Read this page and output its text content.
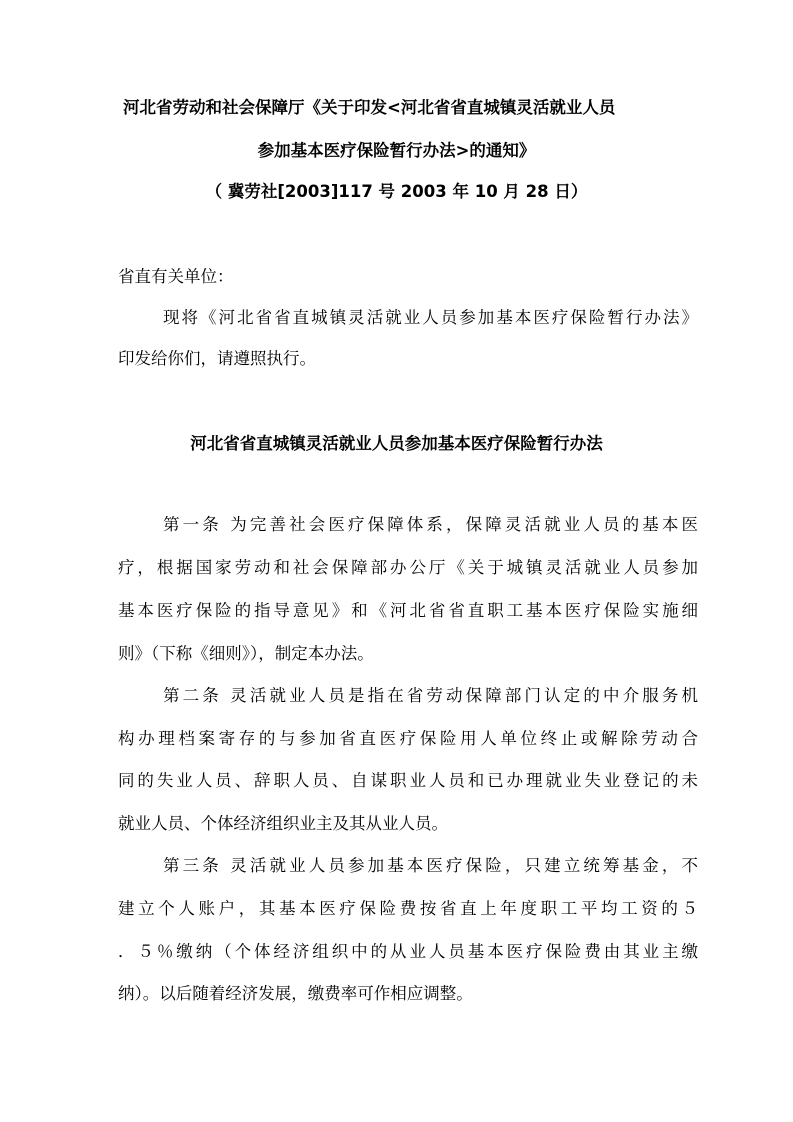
河北省劳动和社会保障厅《关于印发<河北省省直城镇灵活就业人员
参加基本医疗保险暂行办法>的通知》
（ 冀劳社[2003]117 号 2003 年 10 月 28 日）
省直有关单位：
现将《河北省省直城镇灵活就业人员参加基本医疗保险暂行办法》
印发给你们，请遵照执行。
河北省省直城镇灵活就业人员参加基本医疗保险暂行办法
第一条 为完善社会医疗保障体系，保障灵活就业人员的基本医
疗，根据国家劳动和社会保障部办公厅《关于城镇灵活就业人员参加
基本医疗保险的指导意见》和《河北省省直职工基本医疗保险实施细
则》（下称《细则》），制定本办法。
第二条 灵活就业人员是指在省劳动保障部门认定的中介服务机
构办理档案寄存的与参加省直医疗保险用人单位终止或解除劳动合
同的失业人员、辞职人员、自谋职业人员和已办理就业失业登记的未
就业人员、个体经济组织业主及其从业人员。
第三条 灵活就业人员参加基本医疗保险，只建立统筹基金，不
建立个人账户，其基本医疗保险费按省直上年度职工平均工资的５
．５％缴纳（个体经济组织中的从业人员基本医疗保险费由其业主缴
纳）。以后随着经济发展，缴费率可作相应调整。
